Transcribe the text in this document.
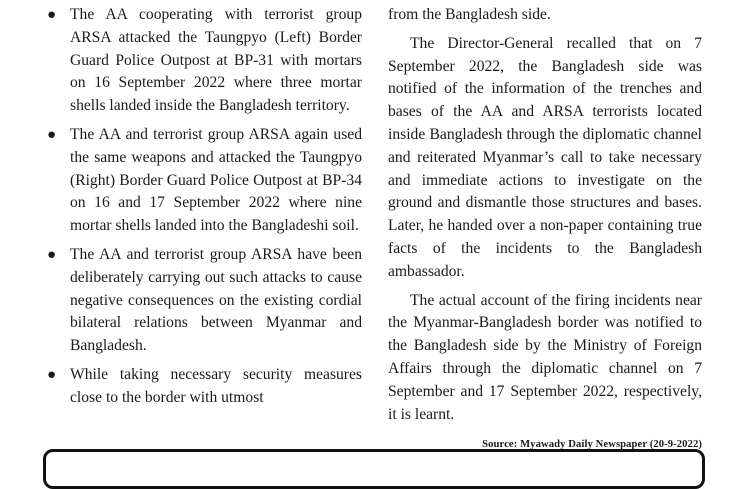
● The AA cooperating with terrorist group ARSA attacked the Taungpyo (Left) Border Guard Police Outpost at BP-31 with mortars on 16 September 2022 where three mortar shells landed inside the Bangladesh territory.
● The AA and terrorist group ARSA again used the same weapons and attacked the Taungpyo (Right) Border Guard Police Outpost at BP-34 on 16 and 17 September 2022 where nine mortar shells landed into the Bangladeshi soil.
● The AA and terrorist group ARSA have been deliberately carrying out such attacks to cause negative consequences on the existing cordial bilateral relations between Myanmar and Bangladesh.
● While taking necessary security measures close to the border with utmost

from the Bangladesh side.

The Director-General recalled that on 7 September 2022, the Bangladesh side was notified of the information of the trenches and bases of the AA and ARSA terrorists located inside Bangladesh through the diplomatic channel and reiterated Myanmar’s call to take necessary and immediate actions to investigate on the ground and dismantle those structures and bases. Later, he handed over a non-paper containing true facts of the incidents to the Bangladesh ambassador.

The actual account of the firing incidents near the Myanmar-Bangladesh border was notified to the Bangladesh side by the Ministry of Foreign Affairs through the diplomatic channel on 7 September and 17 September 2022, respectively, it is learnt.

Source: Myawady Daily Newspaper (20-9-2022)
